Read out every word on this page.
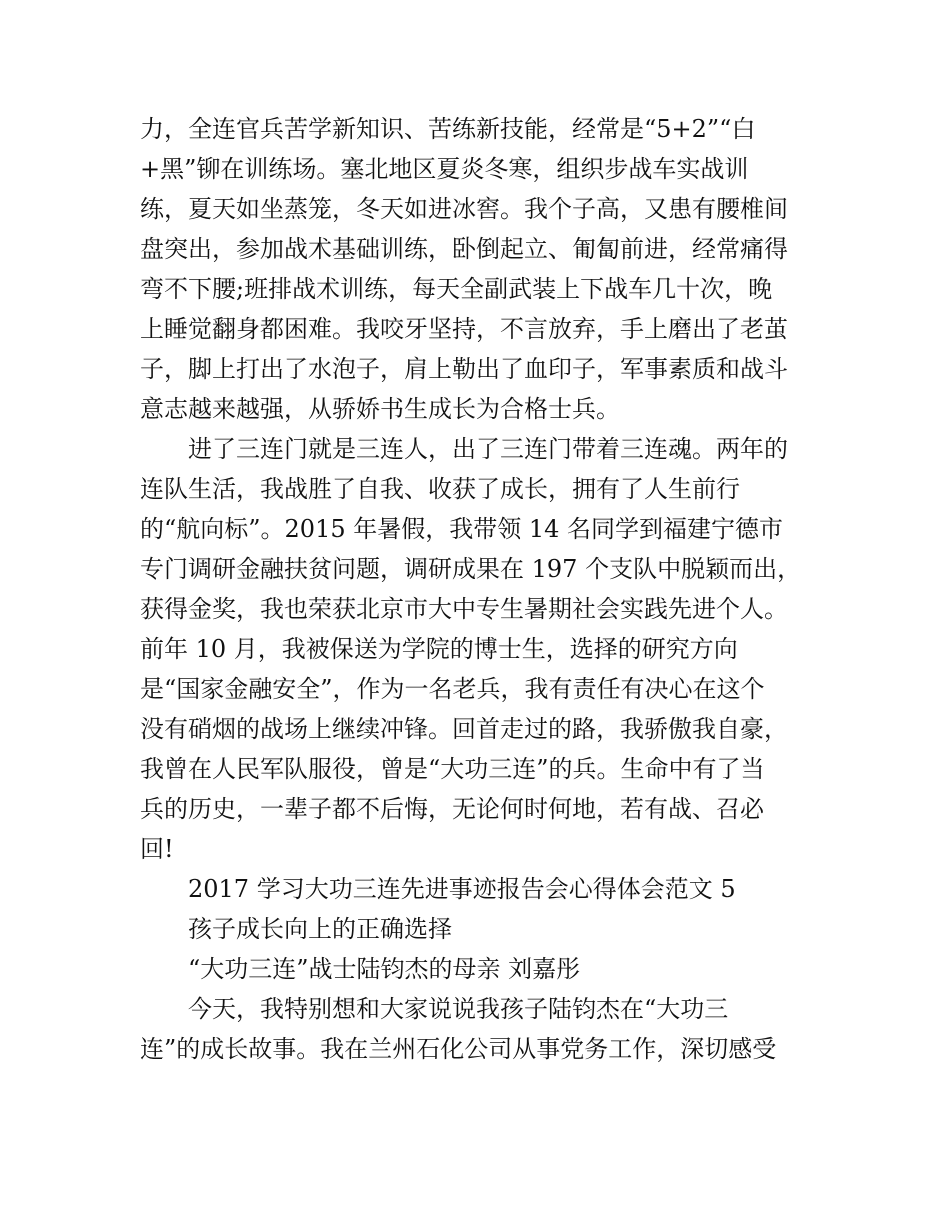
力，全连官兵苦学新知识、苦练新技能，经常是“5+2”“白
+黑”铆在训练场。塞北地区夏炎冬寒，组织步战车实战训
练，夏天如坐蒸笼，冬天如进冰窖。我个子高，又患有腰椎间
盘突出，参加战术基础训练，卧倒起立、匍匐前进，经常痛得
弯不下腰;班排战术训练，每天全副武装上下战车几十次，晚
上睡觉翻身都困难。我咬牙坚持，不言放弃，手上磨出了老茧
子，脚上打出了水泡子，肩上勒出了血印子，军事素质和战斗
意志越来越强，从骄娇书生成长为合格士兵。
进了三连门就是三连人，出了三连门带着三连魂。两年的
连队生活，我战胜了自我、收获了成长，拥有了人生前行
的“航向标”。2015 年暑假，我带领 14 名同学到福建宁德市
专门调研金融扶贫问题，调研成果在 197 个支队中脱颖而出，
获得金奖，我也荣获北京市大中专生暑期社会实践先进个人。
前年 10 月，我被保送为学院的博士生，选择的研究方向
是“国家金融安全”，作为一名老兵，我有责任有决心在这个
没有硝烟的战场上继续冲锋。回首走过的路，我骄傲我自豪，
我曾在人民军队服役，曾是“大功三连”的兵。生命中有了当
兵的历史，一辈子都不后悔，无论何时何地，若有战、召必
回!
2017 学习大功三连先进事迹报告会心得体会范文 5
孩子成长向上的正确选择
“大功三连”战士陆钧杰的母亲 刘嘉彤
今天，我特别想和大家说说我孩子陆钧杰在“大功三
连”的成长故事。我在兰州石化公司从事党务工作，深切感受
